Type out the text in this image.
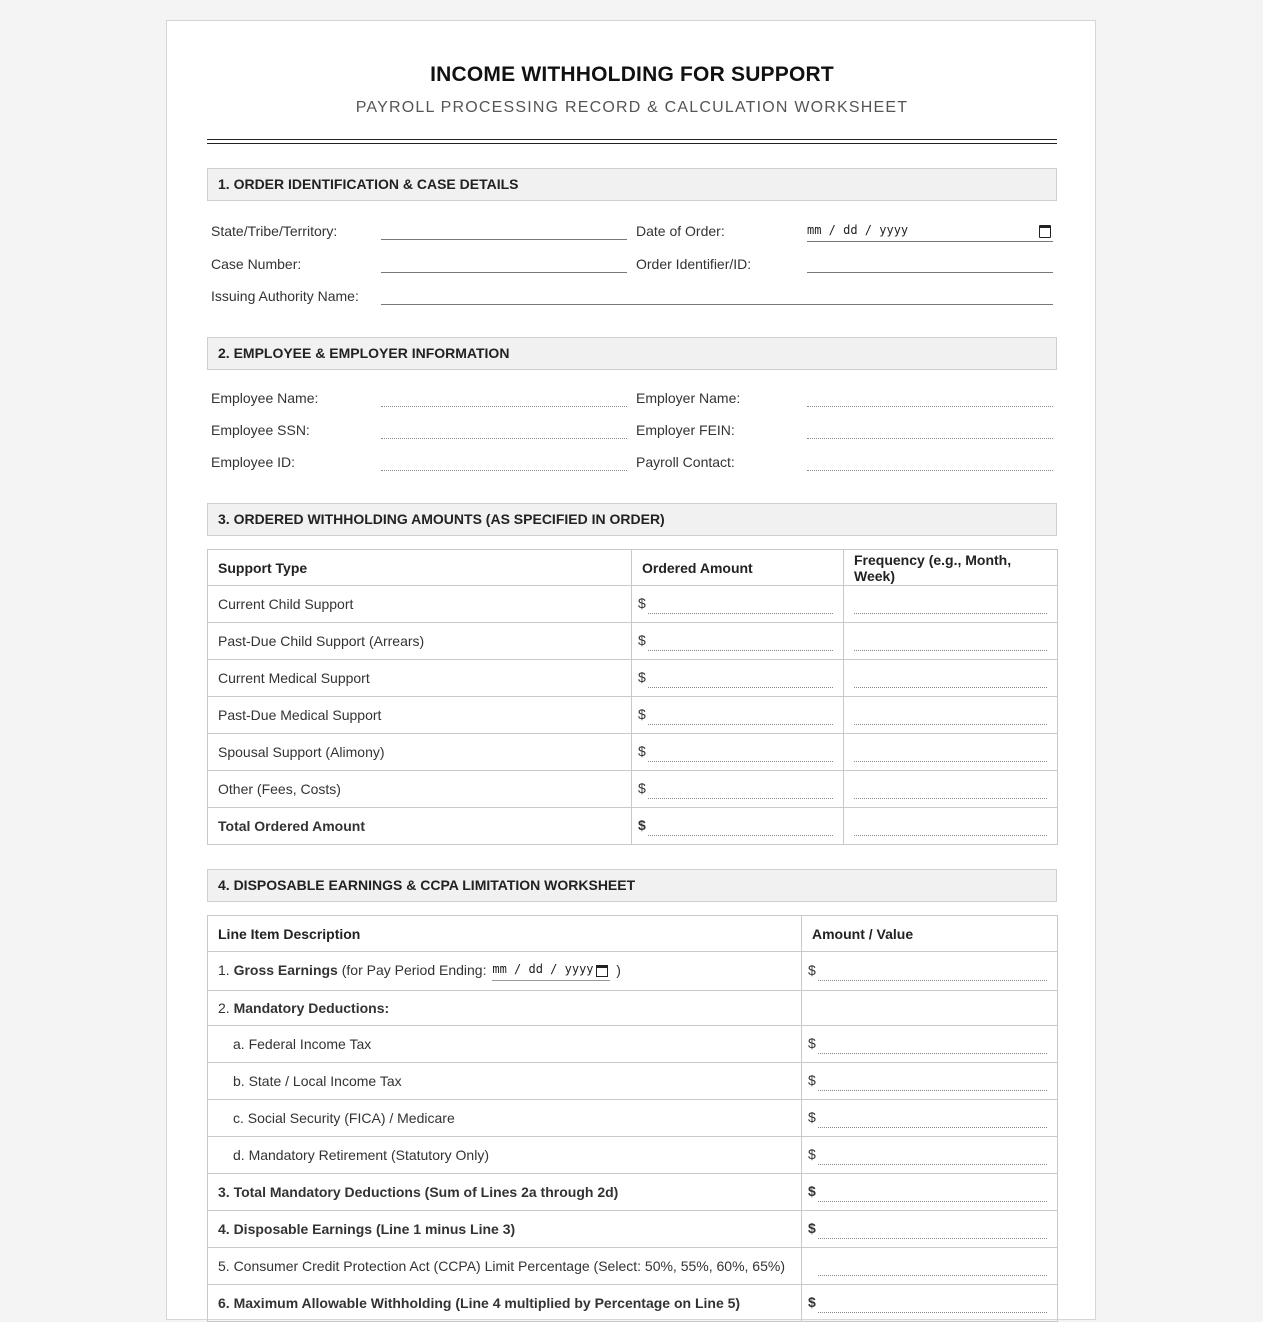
INCOME WITHHOLDING FOR SUPPORT
PAYROLL PROCESSING RECORD & CALCULATION WORKSHEET
1. ORDER IDENTIFICATION & CASE DETAILS
State/Tribe/Territory:	Date of Order:	mm / dd / yyyy
Case Number:	Order Identifier/ID:
Issuing Authority Name:
2. EMPLOYEE & EMPLOYER INFORMATION
Employee Name:	Employer Name:
Employee SSN:	Employer FEIN:
Employee ID:	Payroll Contact:
3. ORDERED WITHHOLDING AMOUNTS (AS SPECIFIED IN ORDER)
Support Type	Ordered Amount	Frequency (e.g., Month, Week)
Current Child Support	$	

Past-Due Child Support (Arrears)	$	

Current Medical Support	$	

Past-Due Medical Support	$	

Spousal Support (Alimony)	$	

Other (Fees, Costs)	$	

Total Ordered Amount	$	

4. DISPOSABLE EARNINGS & CCPA LIMITATION WORKSHEET
Line Item Description	Amount / Value
1. Gross Earnings (for Pay Period Ending: mm / dd / yyyy )	$

2. Mandatory Deductions:	
a. Federal Income Tax	$

b. State / Local Income Tax	$

c. Social Security (FICA) / Medicare	$

d. Mandatory Retirement (Statutory Only)	$

3. Total Mandatory Deductions (Sum of Lines 2a through 2d)	$

4. Disposable Earnings (Line 1 minus Line 3)	$

5. Consumer Credit Protection Act (CCPA) Limit Percentage (Select: 50%, 55%, 60%, 65%)	

6. Maximum Allowable Withholding (Line 4 multiplied by Percentage on Line 5)	$
